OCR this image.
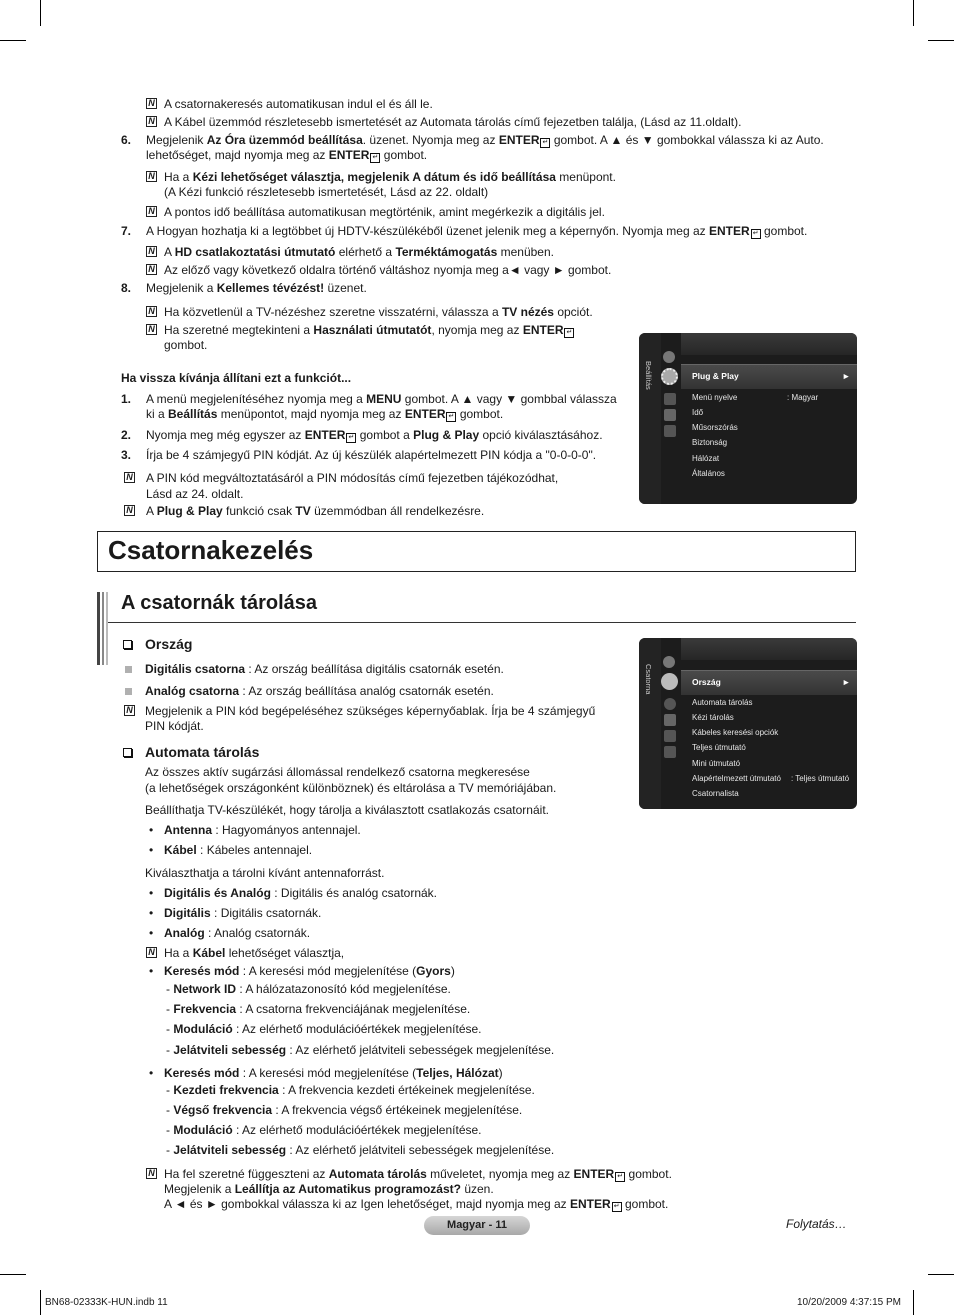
N A csatornakeresés automatikusan indul el és áll le.
N A Kábel üzemmód részletesebb ismertetését az Automata tárolás című fejezetben találja, (Lásd az 11.oldalt).
6. Megjelenik Az Óra üzemmód beállítása. üzenet. Nyomja meg az ENTER ↵ gombot. A ▲ és ▼ gombokkal válassza ki az Auto.
lehetőséget, majd nyomja meg az ENTER ↵ gombot.
N Ha a Kézi lehetőséget választja, megjelenik A dátum és idő beállítása menüpont.
(A Kézi funkció részletesebb ismertetését, Lásd az 22. oldalt)
N A pontos idő beállítása automatikusan megtörténik, amint megérkezik a digitális jel.
7. A Hogyan hozhatja ki a legtöbbet új HDTV-készülékéből üzenet jelenik meg a képernyőn. Nyomja meg az ENTER ↵ gombot.
N A HD csatlakoztatási útmutató elérhető a Terméktámogatás menüben.
N Az előző vagy következő oldalra történő váltáshoz nyomja meg a◄ vagy ► gombot.
8. Megjelenik a Kellemes tévézést! üzenet.
N Ha közvetlenül a TV-nézéshez szeretne visszatérni, válassza a TV nézés opciót.
N Ha szeretné megtekinteni a Használati útmutatót, nyomja meg az ENTER ↵
gombot.
Ha vissza kívánja állítani ezt a funkciót...
1. A menü megjelenítéséhez nyomja meg a MENU gombot. A ▲ vagy ▼ gombbal válassza
ki a Beállítás menüpontot, majd nyomja meg az ENTER ↵ gombot.
2. Nyomja meg még egyszer az ENTER ↵ gombot a Plug & Play opció kiválasztásához.
3. Írja be 4 számjegyű PIN kódját. Az új készülék alapértelmezett PIN kódja a "0-0-0-0".
N A PIN kód megváltoztatásáról a PIN módosítás című fejezetben tájékozódhat,
Lásd az 24. oldalt.
N A Plug & Play funkció csak TV üzemmódban áll rendelkezésre.
Beállítás	Plug & Play	►
Menü nyelve	: Magyar
Idő
Műsorszórás
Biztonság
Hálózat
Általános
Csatornakezelés
A csatornák tárolása
Ország
Digitális csatorna : Az ország beállítása digitális csatornák esetén.
Analóg csatorna : Az ország beállítása analóg csatornák esetén.
N Megjelenik a PIN kód begépeléséhez szükséges képernyőablak. Írja be 4 számjegyű
PIN kódját.
Csatorna	Ország	►
Automata tárolás
Kézi tárolás
Kábeles keresési opciók
Teljes útmutató
Mini útmutató
Alapértelmezett útmutató : Teljes útmutató
Csatornalista
Automata tárolás
Az összes aktív sugárzási állomással rendelkező csatorna megkeresése
(a lehetőségek országonként különböznek) és eltárolása a TV memóriájában.
Beállíthatja TV-készülékét, hogy tárolja a kiválasztott csatlakozás csatornáit.
• Antenna : Hagyományos antennajel.
• Kábel : Kábeles antennajel.
Kiválaszthatja a tárolni kívánt antennaforrást.
• Digitális és Analóg : Digitális és analóg csatornák.
• Digitális : Digitális csatornák.
• Analóg : Analóg csatornák.
N Ha a Kábel lehetőséget választja,
• Keresés mód : A keresési mód megjelenítése (Gyors)
- Network ID : A hálózatazonosító kód megjelenítése.
- Frekvencia : A csatorna frekvenciájának megjelenítése.
- Moduláció : Az elérhető modulációértékek megjelenítése.
- Jelátviteli sebesség : Az elérhető jelátviteli sebességek megjelenítése.
• Keresés mód : A keresési mód megjelenítése (Teljes, Hálózat)
- Kezdeti frekvencia : A frekvencia kezdeti értékeinek megjelenítése.
- Végső frekvencia : A frekvencia végső értékeinek megjelenítése.
- Moduláció : Az elérhető modulációértékek megjelenítése.
- Jelátviteli sebesség : Az elérhető jelátviteli sebességek megjelenítése.
N Ha fel szeretné függeszteni az Automata tárolás műveletet, nyomja meg az ENTER ↵ gombot.
Megjelenik a Leállítja az Automatikus programozást? üzen.
A ◄ és ► gombokkal válassza ki az Igen lehetőséget, majd nyomja meg az ENTER ↵ gombot.
Folytatás…
Magyar - 11
BN68-02333K-HUN.indb 11	10/20/2009 4:37:15 PM
